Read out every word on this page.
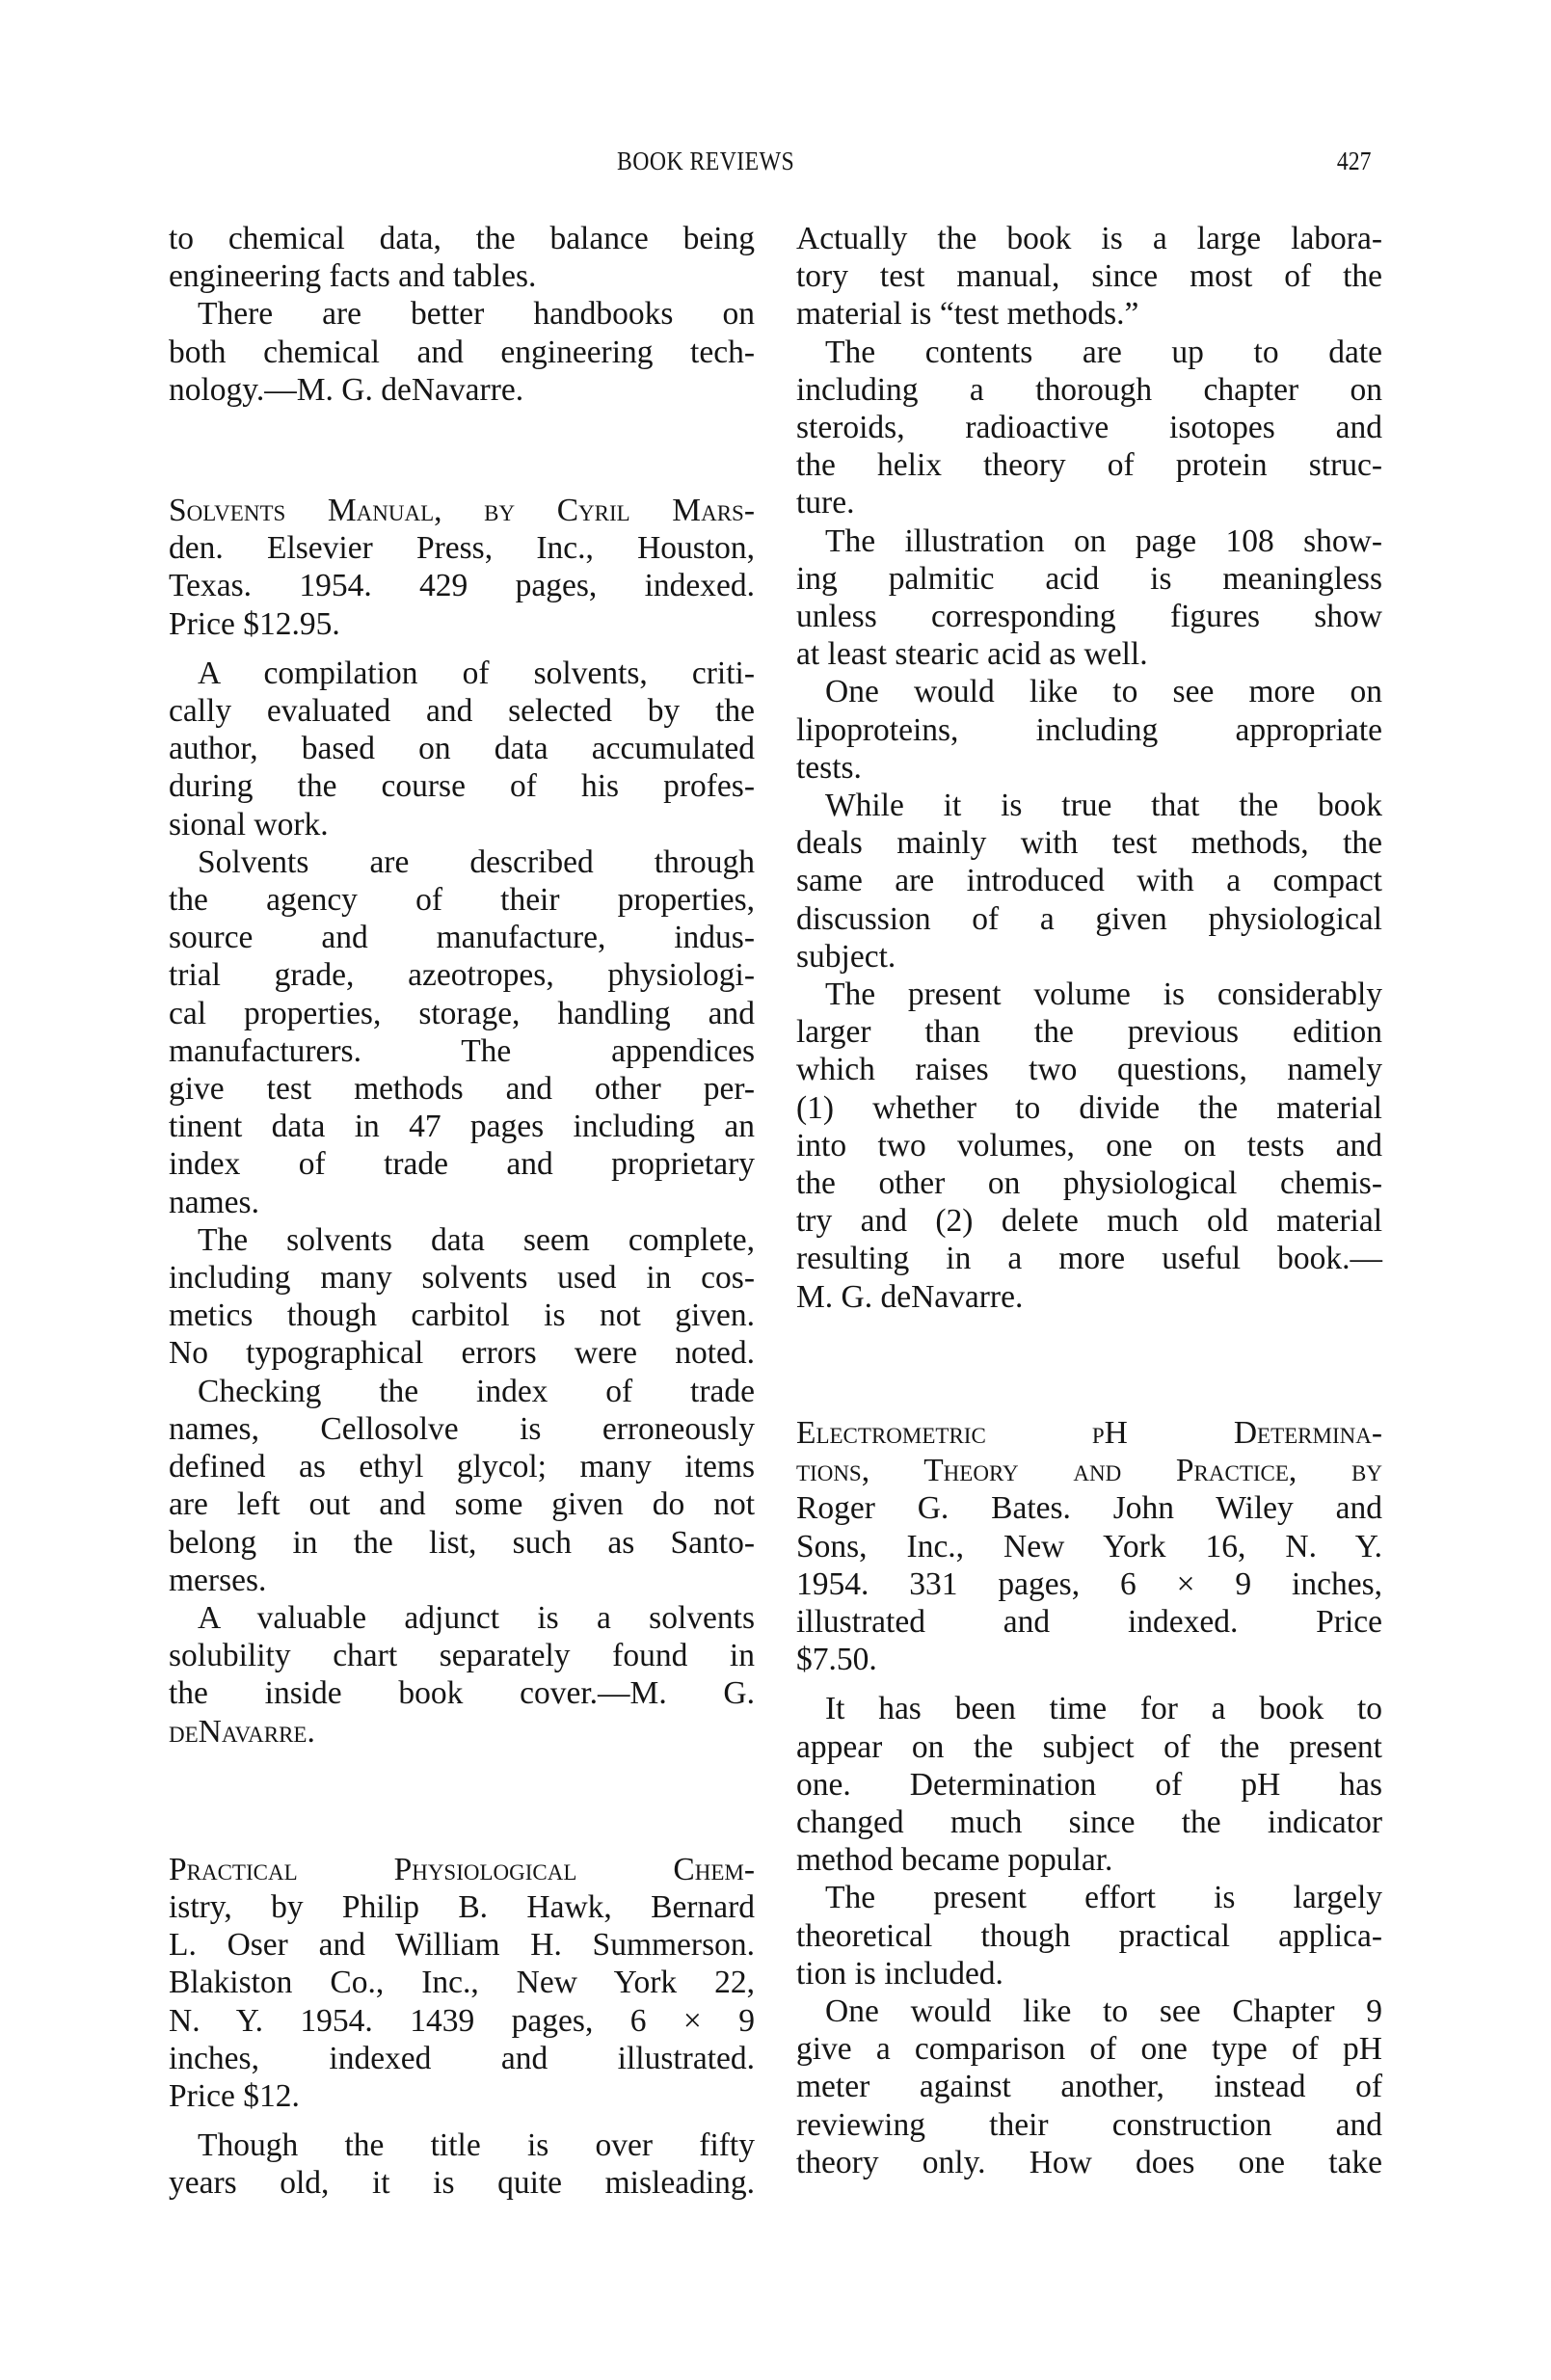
BOOK REVIEWS	427
to chemical data, the balance being
engineering facts and tables.
There are better handbooks on
both chemical and engineering tech-
nology.—M. G. deNavarre.
Solvents Manual, by Cyril Mars-
den. Elsevier Press, Inc., Houston,
Texas. 1954. 429 pages, indexed.
Price $12.95.
A compilation of solvents, criti-
cally evaluated and selected by the
author, based on data accumulated
during the course of his profes-
sional work.
Solvents are described through
the agency of their properties,
source and manufacture, indus-
trial grade, azeotropes, physiologi-
cal properties, storage, handling and
manufacturers. The appendices
give test methods and other per-
tinent data in 47 pages including an
index of trade and proprietary
names.
The solvents data seem complete,
including many solvents used in cos-
metics though carbitol is not given.
No typographical errors were noted.
Checking the index of trade
names, Cellosolve is erroneously
defined as ethyl glycol; many items
are left out and some given do not
belong in the list, such as Santo-
merses.
A valuable adjunct is a solvents
solubility chart separately found in
the inside book cover.—M. G.
deNavarre.
Practical Physiological Chem-
istry, by Philip B. Hawk, Bernard
L. Oser and William H. Summerson.
Blakiston Co., Inc., New York 22,
N. Y. 1954. 1439 pages, 6 × 9
inches, indexed and illustrated.
Price $12.
Though the title is over fifty
years old, it is quite misleading.
Actually the book is a large labora-
tory test manual, since most of the
material is “test methods.”
The contents are up to date
including a thorough chapter on
steroids, radioactive isotopes and
the helix theory of protein struc-
ture.
The illustration on page 108 show-
ing palmitic acid is meaningless
unless corresponding figures show
at least stearic acid as well.
One would like to see more on
lipoproteins, including appropriate
tests.
While it is true that the book
deals mainly with test methods, the
same are introduced with a compact
discussion of a given physiological
subject.
The present volume is considerably
larger than the previous edition
which raises two questions, namely
(1) whether to divide the material
into two volumes, one on tests and
the other on physiological chemis-
try and (2) delete much old material
resulting in a more useful book.—
M. G. deNavarre.
Electrometric pH Determina-
tions, Theory and Practice, by
Roger G. Bates. John Wiley and
Sons, Inc., New York 16, N. Y.
1954. 331 pages, 6 × 9 inches,
illustrated and indexed. Price
$7.50.
It has been time for a book to
appear on the subject of the present
one. Determination of pH has
changed much since the indicator
method became popular.
The present effort is largely
theoretical though practical applica-
tion is included.
One would like to see Chapter 9
give a comparison of one type of pH
meter against another, instead of
reviewing their construction and
theory only. How does one take
